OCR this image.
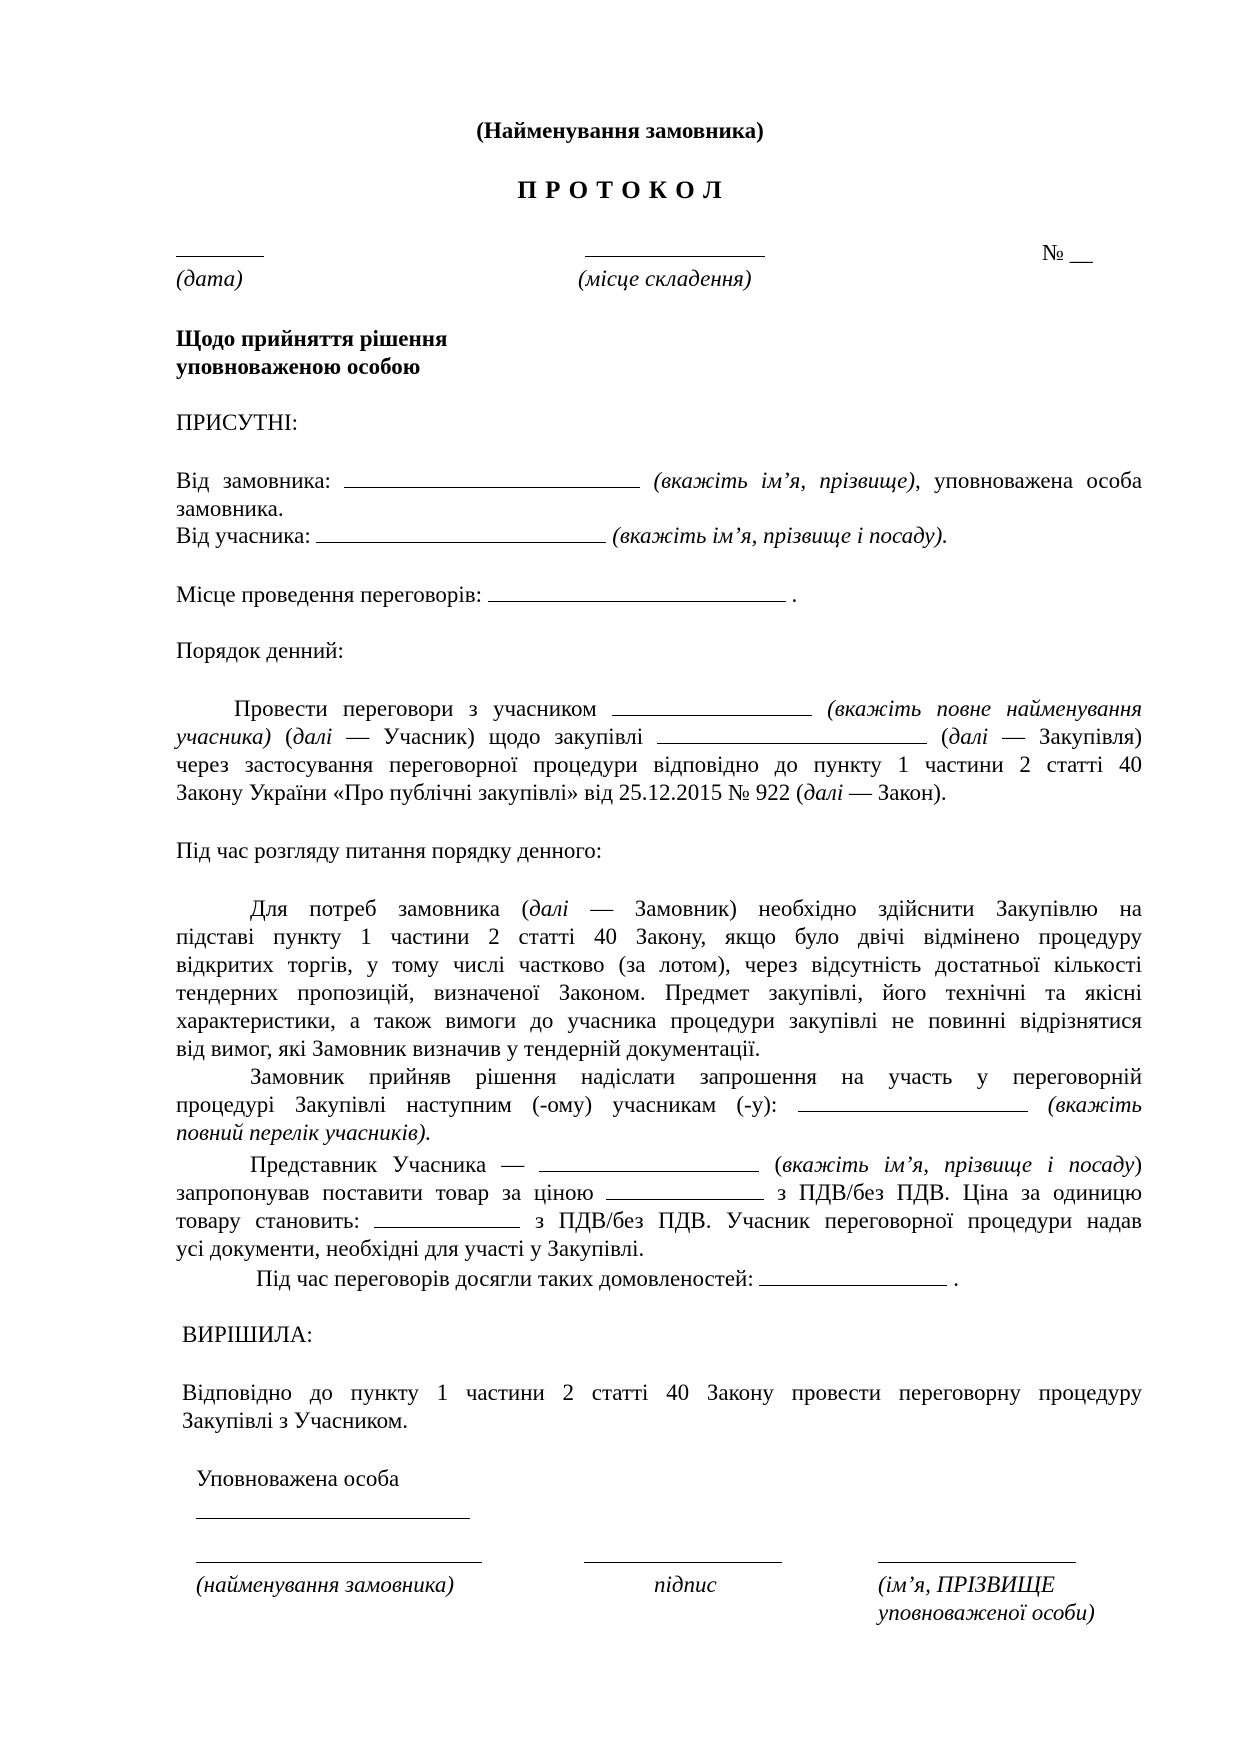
(Найменування замовника)
П Р О Т О К О Л
№ __
(дата)	(місце складення)
Щодо прийняття рішення
уповноваженою особою
ПРИСУТНІ:
Від замовника:	(вкажіть ім’я, прізвище), уповноважена особа
замовника.
Від учасника:	(вкажіть ім’я, прізвище і посаду).
Місце проведення переговорів:	.
Порядок денний:
Провести переговори з учасником	(вкажіть повне найменування
учасника) (далі — Учасник) щодо закупівлі	(далі — Закупівля)
через застосування переговорної процедури відповідно до пункту 1 частини 2 статті 40
Закону України «Про публічні закупівлі» від 25.12.2015 № 922 (далі — Закон).
Під час розгляду питання порядку денного:
Для потреб замовника (далі — Замовник) необхідно здійснити Закупівлю на
підставі пункту 1 частини 2 статті 40 Закону, якщо було двічі відмінено процедуру
відкритих торгів, у тому числі частково (за лотом), через відсутність достатньої кількості
тендерних пропозицій, визначеної Законом. Предмет закупівлі, його технічні та якісні
характеристики, а також вимоги до учасника процедури закупівлі не повинні відрізнятися
від вимог, які Замовник визначив у тендерній документації.
Замовник прийняв рішення надіслати запрошення на участь у переговорній
процедурі Закупівлі наступним (-ому) учасникам (-у):	(вкажіть
повний перелік учасників).
Представник Учасника —	(вкажіть ім’я, прізвище і посаду)
запропонував поставити товар за ціною	з ПДВ/без ПДВ. Ціна за одиницю
товару становить:	з ПДВ/без ПДВ. Учасник переговорної процедури надав
усі документи, необхідні для участі у Закупівлі.
Під час переговорів досягли таких домовленостей:	.
ВИРІШИЛА:
Відповідно до пункту 1 частини 2 статті 40 Закону провести переговорну процедуру
Закупівлі з Учасником.
Уповноважена особа
(найменування замовника)	підпис	(ім’я, ПРІЗВИЩЕ
уповноваженої особи)
